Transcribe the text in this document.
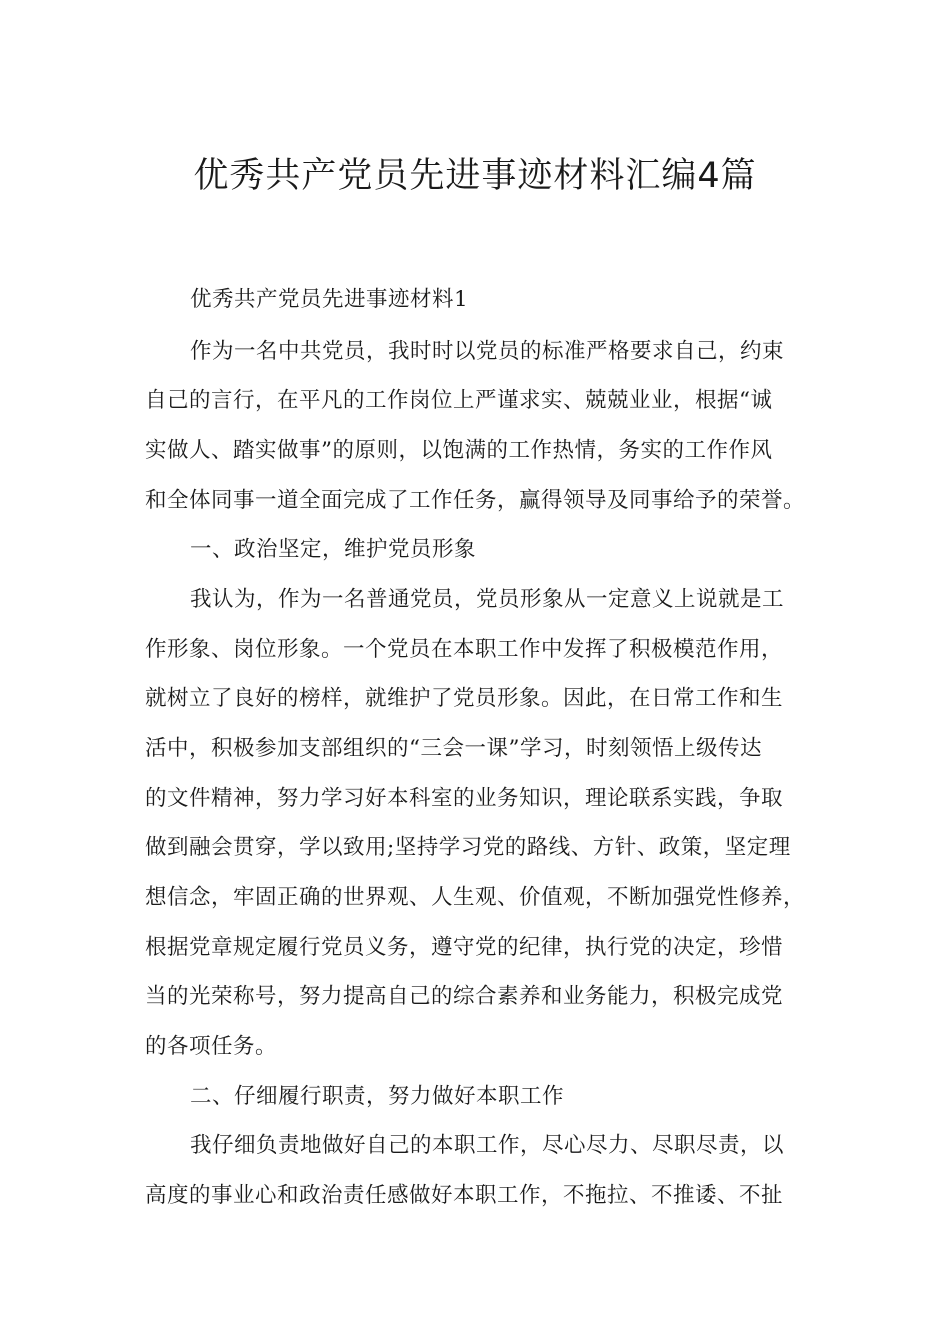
优秀共产党员先进事迹材料汇编4篇
优秀共产党员先进事迹材料1
作为一名中共党员，我时时以党员的标准严格要求自己，约束
自己的言行，在平凡的工作岗位上严谨求实、兢兢业业，根据“诚
实做人、踏实做事”的原则，以饱满的工作热情，务实的工作作风
和全体同事一道全面完成了工作任务，赢得领导及同事给予的荣誉。
一、政治坚定，维护党员形象
我认为，作为一名普通党员，党员形象从一定意义上说就是工
作形象、岗位形象。一个党员在本职工作中发挥了积极模范作用，
就树立了良好的榜样，就维护了党员形象。因此，在日常工作和生
活中，积极参加支部组织的“三会一课”学习，时刻领悟上级传达
的文件精神，努力学习好本科室的业务知识，理论联系实践，争取
做到融会贯穿，学以致用;坚持学习党的路线、方针、政策，坚定理
想信念，牢固正确的世界观、人生观、价值观，不断加强党性修养，
根据党章规定履行党员义务，遵守党的纪律，执行党的决定，珍惜
当的光荣称号，努力提高自己的综合素养和业务能力，积极完成党
的各项任务。
二、仔细履行职责，努力做好本职工作
我仔细负责地做好自己的本职工作，尽心尽力、尽职尽责，以
高度的事业心和政治责任感做好本职工作，不拖拉、不推诿、不扯
